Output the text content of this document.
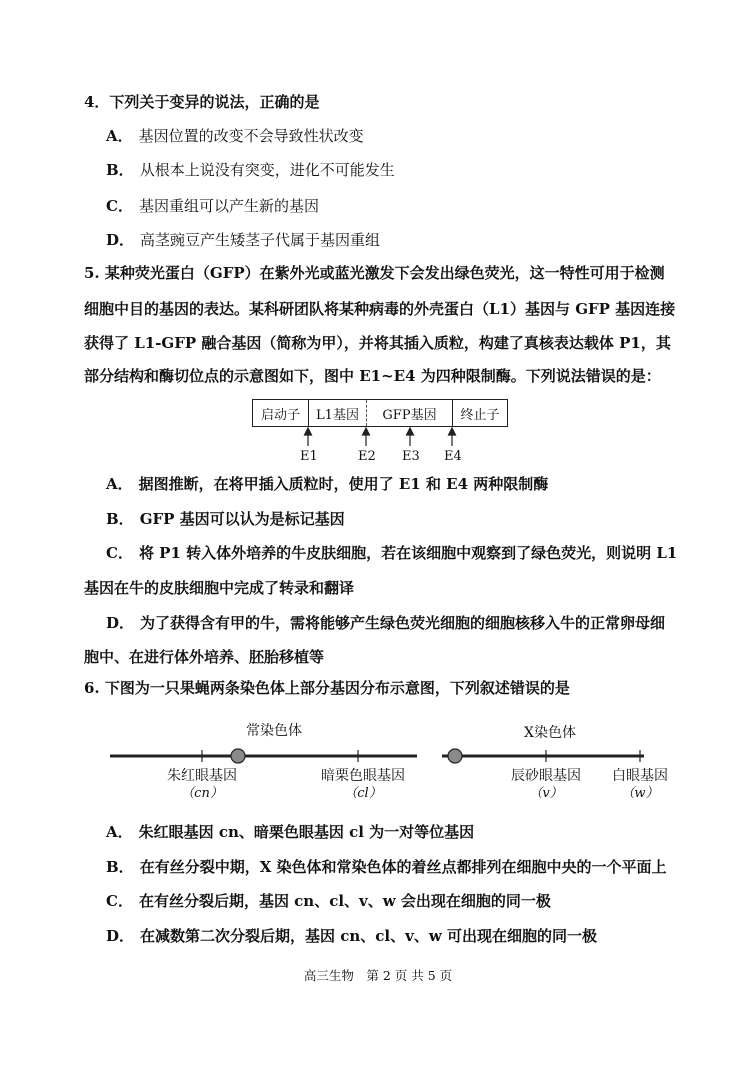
4．下列关于变异的说法，正确的是
A． 基因位置的改变不会导致性状改变
B． 从根本上说没有突变，进化不可能发生
C． 基因重组可以产生新的基因
D． 高茎豌豆产生矮茎子代属于基因重组
5. 某种荧光蛋白（GFP）在紫外光或蓝光激发下会发出绿色荧光，这一特性可用于检测
细胞中目的基因的表达。某科研团队将某种病毒的外壳蛋白（L1）基因与 GFP 基因连接
获得了 L1-GFP 融合基因（简称为甲），并将其插入质粒，构建了真核表达载体 P1，其
部分结构和酶切位点的示意图如下，图中 E1~E4 为四种限制酶。下列说法错误的是：
启动子	L1基因	GFP基因	终止子
E1	E2 E3 E4
A． 据图推断，在将甲插入质粒时，使用了 E1 和 E4 两种限制酶
B． GFP 基因可以认为是标记基因
C． 将 P1 转入体外培养的牛皮肤细胞，若在该细胞中观察到了绿色荧光，则说明 L1
基因在牛的皮肤细胞中完成了转录和翻译
D． 为了获得含有甲的牛，需将能够产生绿色荧光细胞的细胞核移入牛的正常卵母细
胞中、在进行体外培养、胚胎移植等
6. 下图为一只果蝇两条染色体上部分基因分布示意图，下列叙述错误的是
常染色体	X染色体
朱红眼基因
（cn）
暗栗色眼基因
（cl）
辰砂眼基因
（v）
白眼基因
（w）
A． 朱红眼基因 cn、暗栗色眼基因 cl 为一对等位基因
B． 在有丝分裂中期，X 染色体和常染色体的着丝点都排列在细胞中央的一个平面上
C． 在有丝分裂后期，基因 cn、cl、v、w 会出现在细胞的同一极
D． 在减数第二次分裂后期，基因 cn、cl、v、w 可出现在细胞的同一极
高三生物　第 2 页 共 5 页
